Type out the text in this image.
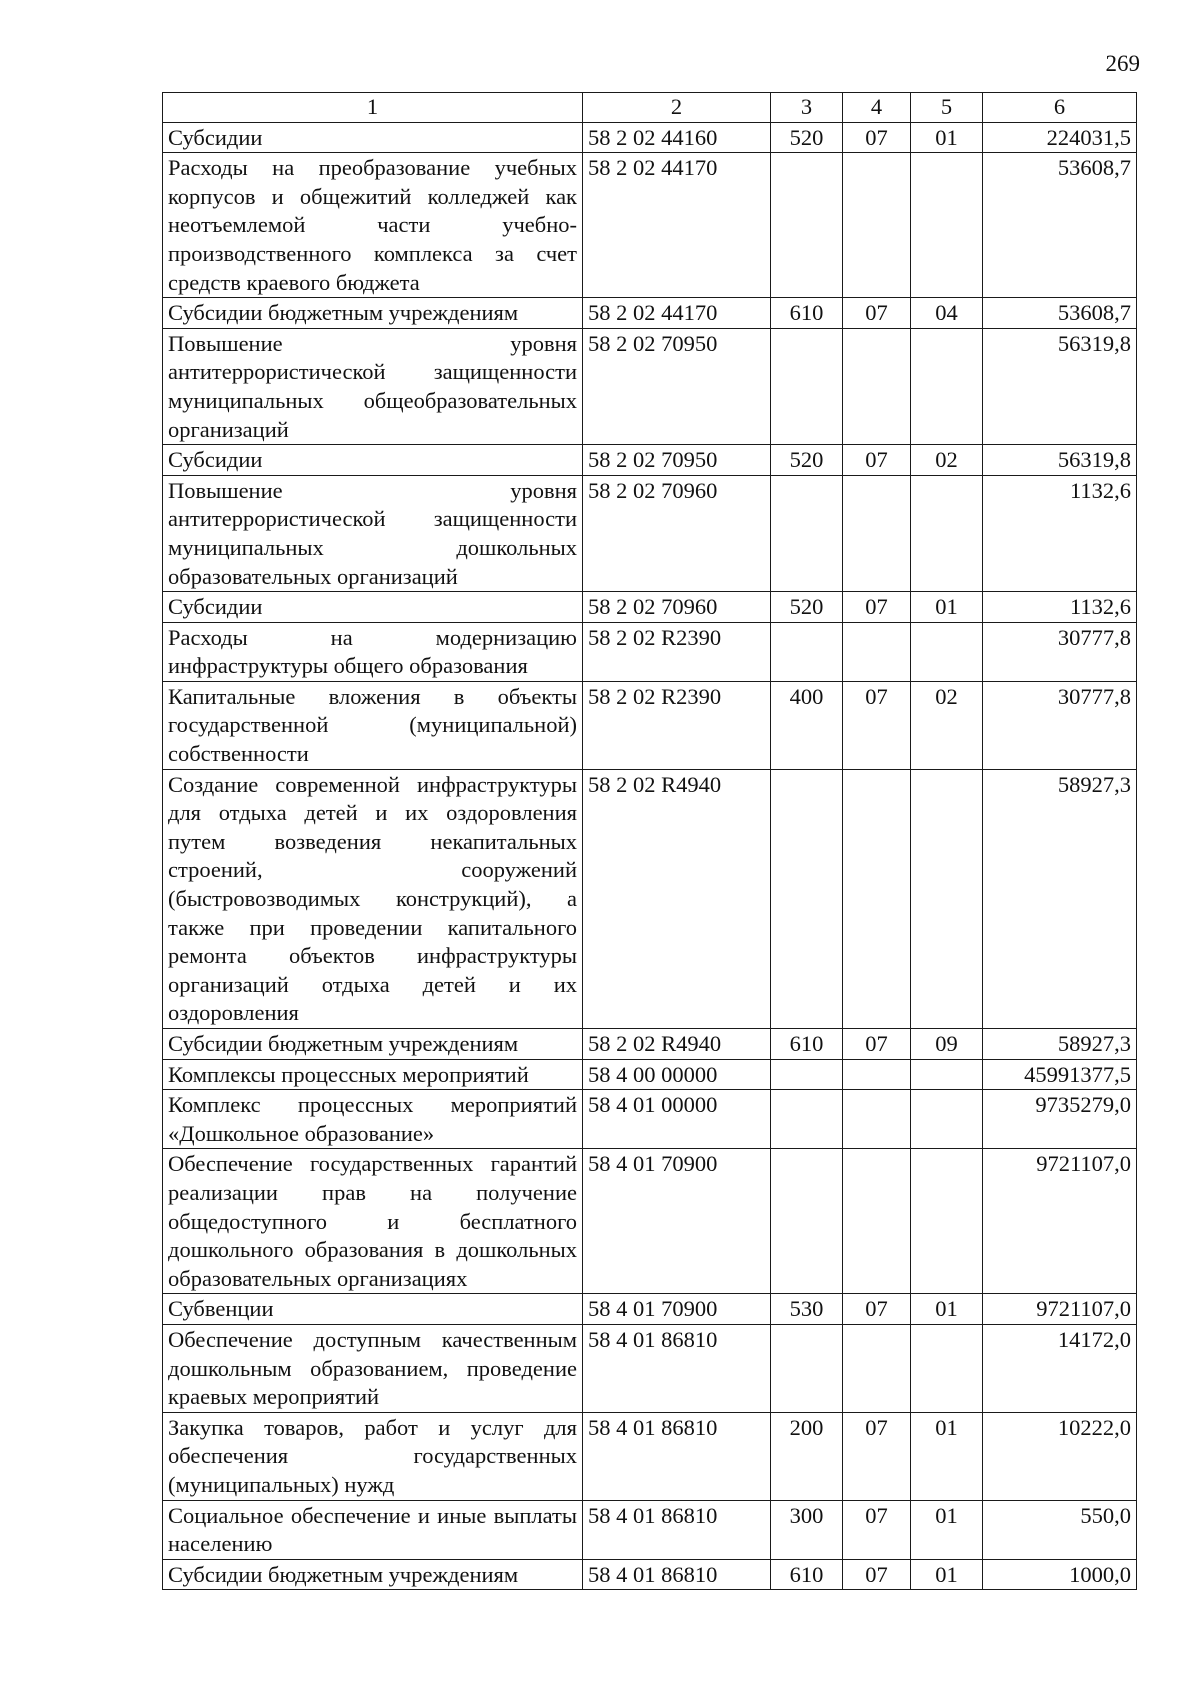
269
1	2	3	4	5	6
Субсидии	58 2 02 44160	520	07	01	224031,5
Расходы на преобразование учебных корпусов и общежитий колледжей как неотъемлемой части учебно-производственного комплекса за счет средств краевого бюджета	58 2 02 44170				53608,7
Субсидии бюджетным учреждениям	58 2 02 44170	610	07	04	53608,7
Повышение уровня антитеррористической защищенности муниципальных общеобразовательных организаций	58 2 02 70950				56319,8
Субсидии	58 2 02 70950	520	07	02	56319,8
Повышение уровня антитеррористической защищенности муниципальных дошкольных образовательных организаций	58 2 02 70960				1132,6
Субсидии	58 2 02 70960	520	07	01	1132,6
Расходы на модернизацию инфраструктуры общего образования	58 2 02 R2390				30777,8
Капитальные вложения в объекты государственной (муниципальной) собственности	58 2 02 R2390	400	07	02	30777,8
Создание современной инфраструктуры для отдыха детей и их оздоровления путем возведения некапитальных строений, сооружений (быстровозводимых конструкций), а также при проведении капитального ремонта объектов инфраструктуры организаций отдыха детей и их оздоровления	58 2 02 R4940				58927,3
Субсидии бюджетным учреждениям	58 2 02 R4940	610	07	09	58927,3
Комплексы процессных мероприятий	58 4 00 00000				45991377,5
Комплекс процессных мероприятий «Дошкольное образование»	58 4 01 00000				9735279,0
Обеспечение государственных гарантий реализации прав на получение общедоступного и бесплатного дошкольного образования в дошкольных образовательных организациях	58 4 01 70900				9721107,0
Субвенции	58 4 01 70900	530	07	01	9721107,0
Обеспечение доступным качественным дошкольным образованием, проведение краевых мероприятий	58 4 01 86810				14172,0
Закупка товаров, работ и услуг для обеспечения государственных (муниципальных) нужд	58 4 01 86810	200	07	01	10222,0
Социальное обеспечение и иные выплаты населению	58 4 01 86810	300	07	01	550,0
Субсидии бюджетным учреждениям	58 4 01 86810	610	07	01	1000,0
